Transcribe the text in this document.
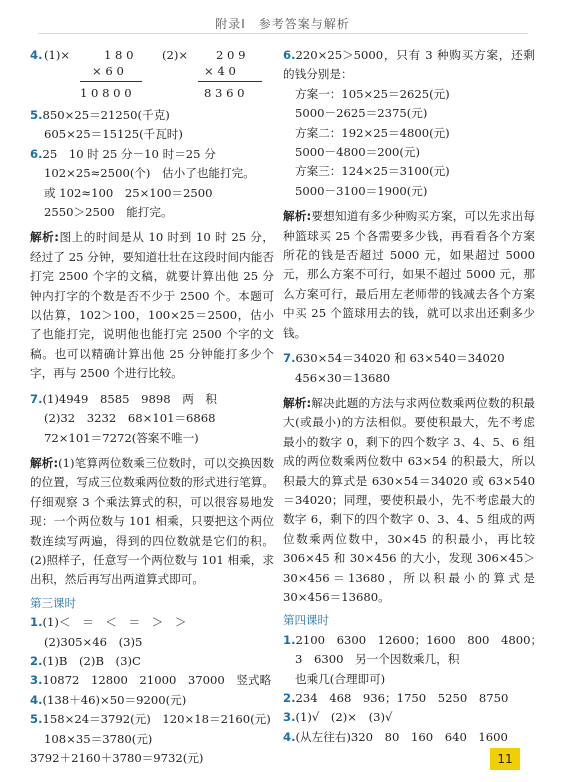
附录Ⅰ　参考答案与解析
4. (1)×	1 8 0
× 6 0
1 0 8 0 0
(2)× 2 0 9
× 4 0
8 3 6 0
5.850×25＝21250(千克)
605×25＝15125(千瓦时)
6.25　10 时 25 分－10 时＝25 分
102×25≈2500(个)　估小了也能打完。
或 102≈100　25×100＝2500
2550＞2500　能打完。
解析:图上的时间是从 10 时到 10 时 25 分，经过了 25 分钟，要知道壮壮在这段时间内能否打完 2500 个字的文稿，就要计算出他 25 分钟内打字的个数是否不少于 2500 个。本题可以估算，102＞100，100×25＝2500，估小了也能打完，说明他也能打完 2500 个字的文稿。也可以精确计算出他 25 分钟能打多少个字，再与 2500 个进行比较。
7.(1)4949　8585　9898　两　积
(2)32　3232　68×101＝6868
72×101＝7272(答案不唯一)
解析:(1)笔算两位数乘三位数时，可以交换因数的位置，写成三位数乘两位数的形式进行笔算。仔细观察 3 个乘法算式的积，可以很容易地发现：一个两位数与 101 相乘，只要把这个两位数连续写两遍，得到的四位数就是它们的积。(2)照样子，任意写一个两位数与 101 相乘，求出积，然后再写出两道算式即可。
第三课时
1.(1)＜　＝　＜　＝　＞　＞
(2)305×46　(3)5
2.(1)B　(2)B　(3)C
3.10872　12800　21000　37000　竖式略
4.(138＋46)×50＝9200(元)
5.158×24＝3792(元)　120×18＝2160(元)
108×35＝3780(元)
3792＋2160＋3780＝9732(元)
6.220×25＞5000，只有 3 种购买方案，还剩的钱分别是：
方案一：105×25＝2625(元)
5000－2625＝2375(元)
方案二：192×25＝4800(元)
5000－4800＝200(元)
方案三：124×25＝3100(元)
5000－3100＝1900(元)
解析:要想知道有多少种购买方案，可以先求出每种篮球买 25 个各需要多少钱，再看看各个方案所花的钱是否超过 5000 元，如果超过 5000 元，那么方案不可行，如果不超过 5000 元，那么方案可行，最后用左老师带的钱减去各个方案中买 25 个篮球用去的钱，就可以求出还剩多少钱。
7.630×54＝34020 和 63×540＝34020
456×30＝13680
解析:解决此题的方法与求两位数乘两位数的积最大(或最小)的方法相似。要使积最大，先不考虑最小的数字 0，剩下的四个数字 3、4、5、6 组成的两位数乘两位数中 63×54 的积最大，所以积最大的算式是 630×54＝34020 或 63×540＝34020；同理，要使积最小，先不考虑最大的数字 6，剩下的四个数字 0、3、4、5 组成的两位数乘两位数中，30×45 的积最小，再比较 306×45 和 30×456 的大小，发现 306×45＞30×456＝13680，所以积最小的算式是 30×456＝13680。
第四课时
1.2100　6300　12600；1600　800　4800；
3　6300　另一个因数乘几，积
也乘几(合理即可)
2.234　468　936；1750　5250　8750
3.(1)√　(2)×　(3)√
4.(从左往右)320　80　160　640　1600
11
